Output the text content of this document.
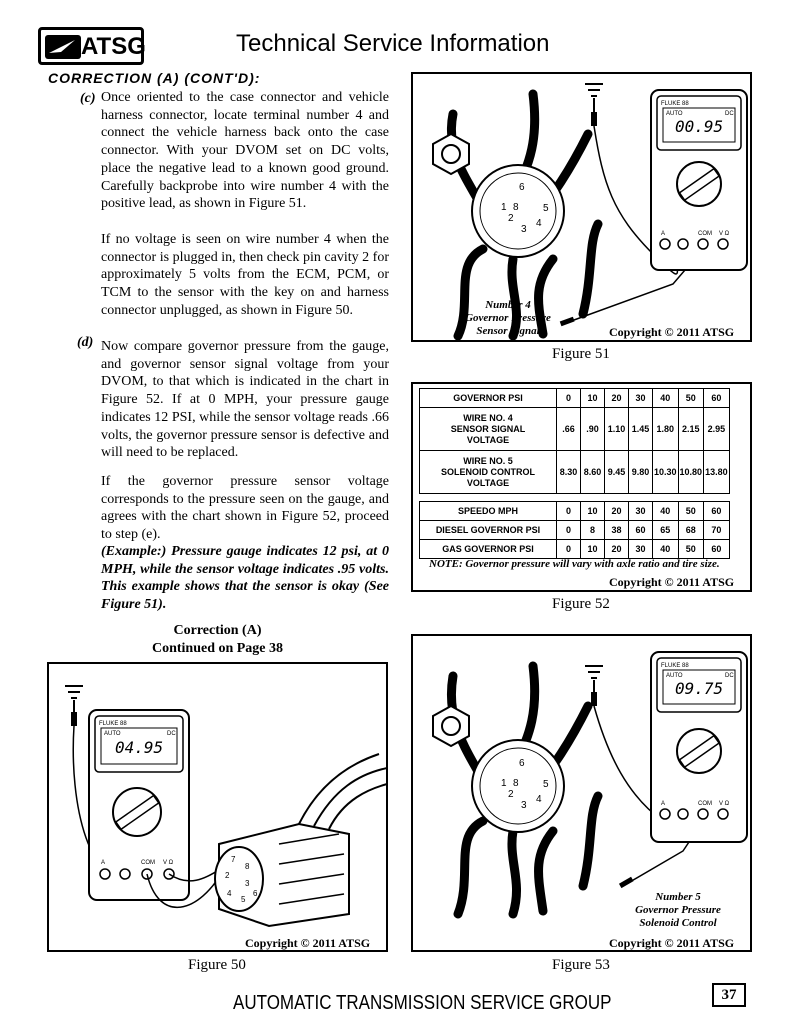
ATSG	Technical Service Information
CORRECTION (A) (CONT'D):
(c) Once oriented to the case connector and vehicle harness connector, locate terminal number 4 and connect the vehicle harness back onto the case connector. With your DVOM set on DC volts, place the negative lead to a known good ground. Carefully backprobe into wire number 4 with the positive lead, as shown in Figure 51.

If no voltage is seen on wire number 4 when the connector is plugged in, then check pin cavity 2 for approximately 5 volts from the ECM, PCM, or TCM to the sensor with the key on and harness connector unplugged, as shown in Figure 50.

(d) Now compare governor pressure from the gauge, and governor sensor signal voltage from your DVOM, to that which is indicated in the chart in Figure 52. If at 0 MPH, your pressure gauge indicates 12 PSI, while the sensor voltage reads .66 volts, the governor pressure sensor is defective and will need to be replaced.

If the governor pressure sensor voltage corresponds to the pressure seen on the gauge, and agrees with the chart shown in Figure 52, proceed to step (e).

(Example:) Pressure gauge indicates 12 psi, at 0 MPH, while the sensor voltage indicates .95 volts. This example shows that the sensor is okay (See Figure 51).

Correction (A)
Continued on Page 38
6
1 8 5
2
3
4
FLUKE 88
AUTO	DC
00.95
A	COM V Ω
Number 4
Governor Pressure
Sensor Signal	Copyright © 2011 ATSG
Figure 51
GOVERNOR PSI	0	10	20	30	40	50	60

WIRE NO. 4
SENSOR SIGNAL
VOLTAGE	.66	.90	1.10	1.45	1.80	2.15	2.95

WIRE NO. 5
SOLENOID CONTROL
VOLTAGE	8.30	8.60	9.45	9.80	10.30	10.80	13.80

SPEEDO MPH	0	10	20	30	40	50	60

DIESEL GOVERNOR PSI	0	8	38	60	65	68	70

GAS GOVERNOR PSI	0	10	20	30	40	50	60
NOTE: Governor pressure will vary with axle ratio and tire size.
Copyright © 2011 ATSG
Figure 52
FLUKE 88
AUTO	DC
04.95
A	COM V Ω	7
8
2
3
4
5
6
Copyright © 2011 ATSG
Figure 50
6
1 8 5
2
3
4
FLUKE 88
AUTO	DC
09.75
A	COM V Ω
Number 5
Governor Pressure
Solenoid Control
Copyright © 2011 ATSG
Figure 53
AUTOMATIC TRANSMISSION SERVICE GROUP	37
